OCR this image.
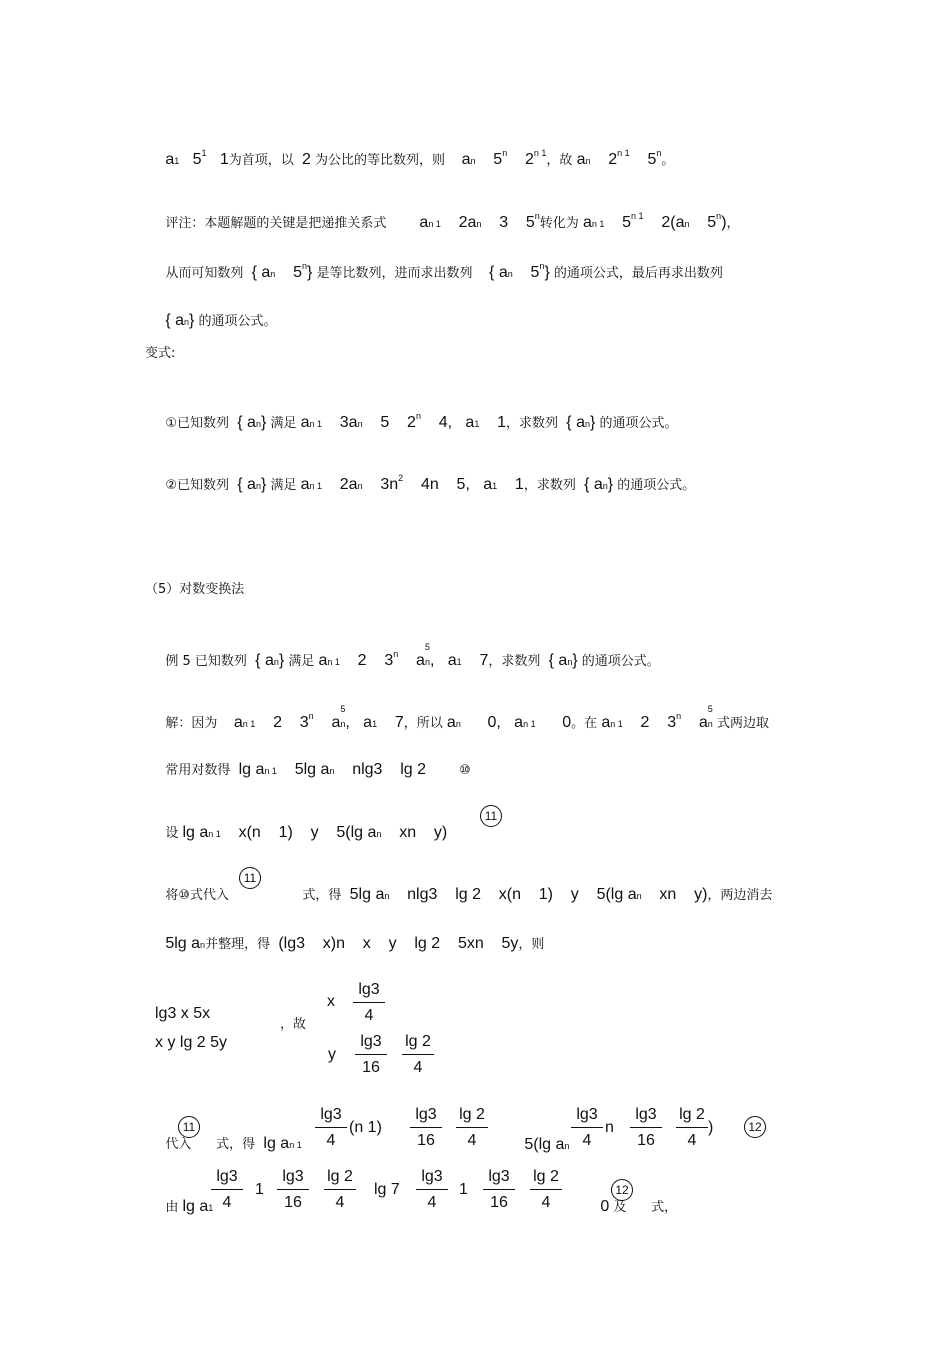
a1   $5^1$   1为首项，以  2 为公比的等比数列，则    an    5$^n$    $2^{n 1}$，故 an    $2^{n 1}$    5$^n$。

评注：本题解题的关键是把递推关系式        an 1    2an    3    5$^n$转化为 an 1    $5^{n 1}$    2(an    5$^n$)，

从而可知数列  { an    5$^n$} 是等比数列，进而求出数列    { an    5$^n$} 的通项公式，最后再求出数列

{ an} 的通项公式。

变式:

①已知数列  { an} 满足 an 1    3an    5    2$^n$    4,   a1    1，求数列  { an} 的通项公式。

②已知数列  { an} 满足 an 1    2an    $3n^2$    4n    5,   a1    1，求数列  { an} 的通项公式。

（5）对数变换法

例 5 已知数列  { an} 满足 an 1    2    3$^n$    a
5
n,   a1    7，求数列  { an} 的通项公式。

解：因为    an 1    2    3$^n$    a
5
n,   a1    7，所以 an      0,   an 1      0。在 an 1    2    3$^n$    a
5
n 式两边取

常用对数得  lg an 1    5lg an    nlg3    lg 2        ⑩

设 lg an 1    x(n    1)    y    5(lg an    xn    y)

11

将⑩式代入	式，得  5lg an    nlg3    lg 2    x(n    1)    y    5(lg an    xn    y)，两边消去

11

5lg an并整理，得  (lg3    x)n    x    y    lg 2    5xn    5y，则

lg3 x 5x
x y lg 2 5y
，故
x
lg3
4
y
lg3
16
lg 2
4

代入      式，得  lg an 1

11
lg3
4
(n 1)
lg3
16
lg 2
4	5(lg an

lg3
4
n
lg3
16
lg 2
4
)	12

由 lg a1

lg3
4
1
lg3
16
lg 2
4
lg 7
lg3
4
1
lg3
16
lg 2
4	0 及      式，

12
